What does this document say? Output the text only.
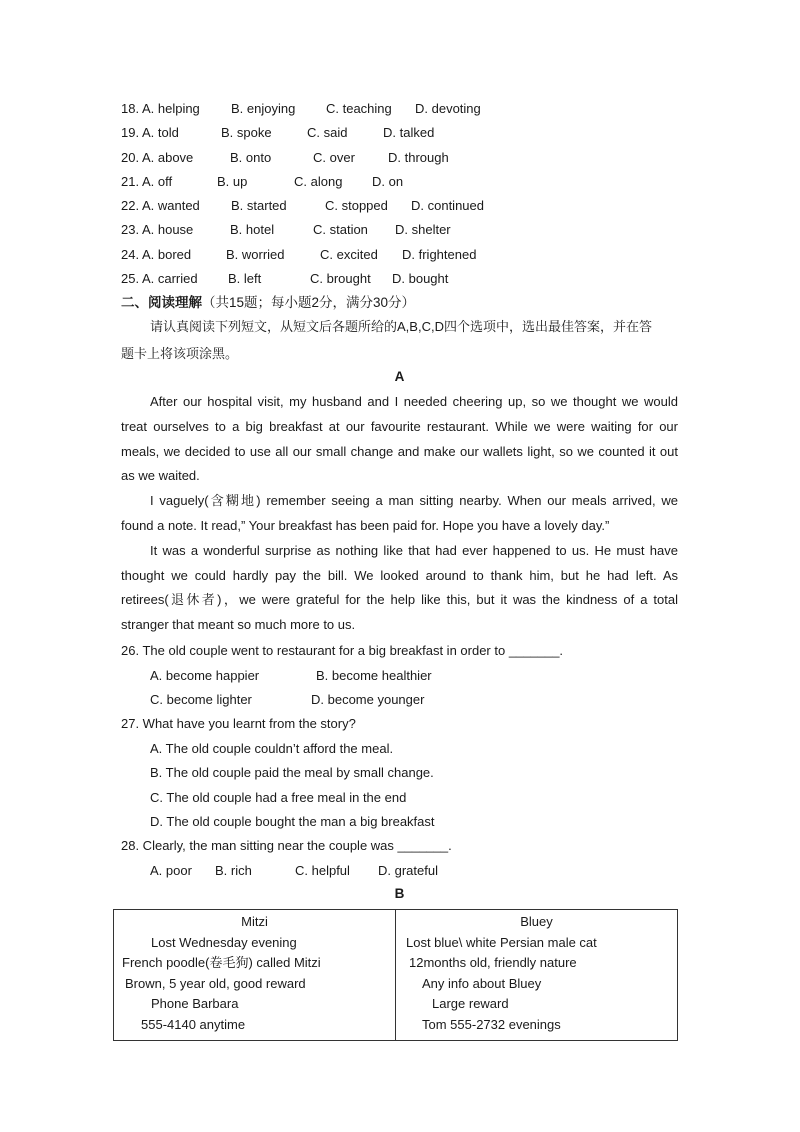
18. A. helping B. enjoying C. teaching D. devoting
19. A. told	B. spoke	C. said	D. talked
20. A. above	B. onto	C. over	D. through
21. A. off	B. up	C. along D. on
22. A. wanted B. started	C. stopped D. continued
23. A. house	B. hotel	C. station D. shelter
24. A. bored	B. worried	C. excited D. frightened
25. A. carried B. left	C. brought D. bought
二、阅读理解（共15题；每小题2分，满分30分）
请认真阅读下列短文，从短文后各题所给的A,B,C,D四个选项中，选出最佳答案，并在答
题卡上将该项涂黑。
A

After our hospital visit, my husband and I needed cheering up, so we thought we would treat ourselves to a big breakfast at our favourite restaurant. While we were waiting for our meals, we decided to use all our small change and make our wallets light, so we counted it out as we waited.

I vaguely(含糊地) remember seeing a man sitting nearby. When our meals arrived, we found a note. It read,” Your breakfast has been paid for. Hope you have a lovely day.”

It was a wonderful surprise as nothing like that had ever happened to us. He must have thought we could hardly pay the bill. We looked around to thank him, but he had left. As retirees(退休者)，we were grateful for the help like this, but it was the kindness of a total stranger that meant so much more to us.

26. The old couple went to restaurant for a big breakfast in order to _______.
A. become happier	B. become healthier
C. become lighter	D. become younger
27. What have you learnt from the story?
A. The old couple couldn’t afford the meal.
B. The old couple paid the meal by small change.
C. The old couple had a free meal in the end
D. The old couple bought the man a big breakfast
28. Clearly, the man sitting near the couple was _______.
A. poor B. rich	C. helpful D. grateful
B
Mitzi
Lost Wednesday evening
French poodle(卷毛狗) called Mitzi
Brown, 5 year old, good reward
Phone Barbara
555-4140 anytime

Bluey
Lost blue\ white Persian male cat
12months old, friendly nature
Any info about Bluey
Large reward
Tom 555-2732 evenings
